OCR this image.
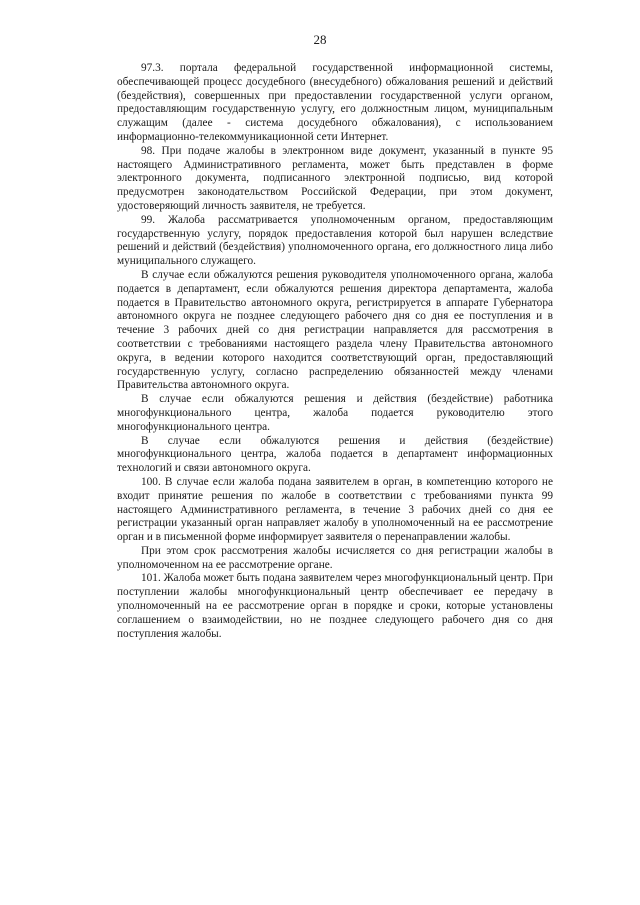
28

97.3. портала федеральной государственной информационной системы, обеспечивающей процесс досудебного (внесудебного) обжалования решений и действий (бездействия), совершенных при предоставлении государственной услуги органом, предоставляющим государственную услугу, его должностным лицом, муниципальным служащим (далее - система досудебного обжалования), с использованием информационно-телекоммуникационной сети Интернет.

98. При подаче жалобы в электронном виде документ, указанный в пункте 95 настоящего Административного регламента, может быть представлен в форме электронного документа, подписанного электронной подписью, вид которой предусмотрен законодательством Российской Федерации, при этом документ, удостоверяющий личность заявителя, не требуется.

99. Жалоба рассматривается уполномоченным органом, предоставляющим государственную услугу, порядок предоставления которой был нарушен вследствие решений и действий (бездействия) уполномоченного органа, его должностного лица либо муниципального служащего.

В случае если обжалуются решения руководителя уполномоченного органа, жалоба подается в департамент, если обжалуются решения директора департамента, жалоба подается в Правительство автономного округа, регистрируется в аппарате Губернатора автономного округа не позднее следующего рабочего дня со дня ее поступления и в течение 3 рабочих дней со дня регистрации направляется для рассмотрения в соответствии с требованиями настоящего раздела члену Правительства автономного округа, в ведении которого находится соответствующий орган, предоставляющий государственную услугу, согласно распределению обязанностей между членами Правительства автономного округа.

В случае если обжалуются решения и действия (бездействие) работника многофункционального центра, жалоба подается руководителю этого многофункционального центра.

В случае если обжалуются решения и действия (бездействие) многофункционального центра, жалоба подается в департамент информационных технологий и связи автономного округа.

100. В случае если жалоба подана заявителем в орган, в компетенцию которого не входит принятие решения по жалобе в соответствии с требованиями пункта 99 настоящего Административного регламента, в течение 3 рабочих дней со дня ее регистрации указанный орган направляет жалобу в уполномоченный на ее рассмотрение орган и в письменной форме информирует заявителя о перенаправлении жалобы.

При этом срок рассмотрения жалобы исчисляется со дня регистрации жалобы в уполномоченном на ее рассмотрение органе.

101. Жалоба может быть подана заявителем через многофункциональный центр. При поступлении жалобы многофункциональный центр обеспечивает ее передачу в уполномоченный на ее рассмотрение орган в порядке и сроки, которые установлены соглашением о взаимодействии, но не позднее следующего рабочего дня со дня поступления жалобы.
